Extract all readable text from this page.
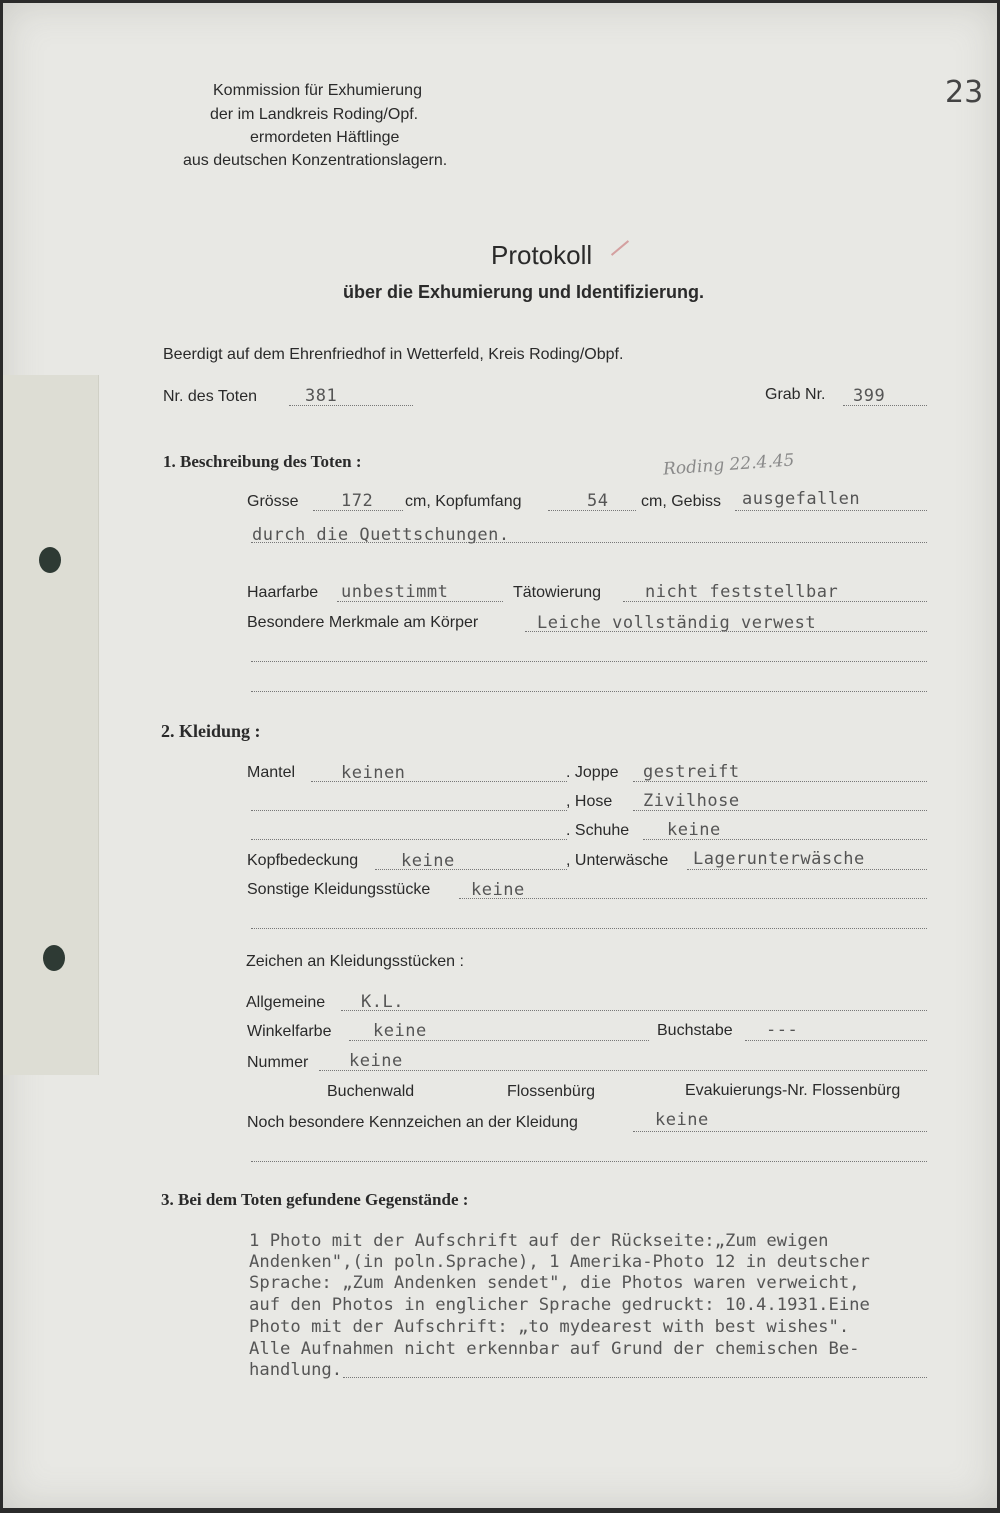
Kommission für Exhumierung
der im Landkreis Roding/Opf.
ermordeten Häftlinge
aus deutschen Konzentrationslagern.
23
Protokoll
über die Exhumierung und Identifizierung.
Beerdigt auf dem Ehrenfriedhof in Wetterfeld, Kreis Roding/Obpf.
Nr. des Toten	381	Grab Nr. 399
1. Beschreibung des Toten :	Roding 22.4.45
Grösse 172 cm, Kopfumfang	54 cm, Gebiss ausgefallen
durch die Quettschungen.
Haarfarbe unbestimmt	Tätowierung	nicht feststellbar
Besondere Merkmale am Körper	Leiche vollständig verwest
2. Kleidung :
Mantel	keinen	. Joppe gestreift
, Hose Zivilhose
. Schuhe keine
Kopfbedeckung	keine	, Unterwäsche Lagerunterwäsche
Sonstige Kleidungsstücke keine
Zeichen an Kleidungsstücken :
Allgemeine K.L.
Winkelfarbe keine	Buchstabe ---
Nummer keine
Buchenwald	Flossenbürg	Evakuierungs-Nr. Flossenbürg
Noch besondere Kennzeichen an der Kleidung	keine
3. Bei dem Toten gefundene Gegenstände :
1 Photo mit der Aufschrift auf der Rückseite:„Zum ewigen
Andenken",(in poln.Sprache), 1 Amerika-Photo 12 in deutscher
Sprache: „Zum Andenken sendet", die Photos waren verweicht,
auf den Photos in englicher Sprache gedruckt: 10.4.1931.Eine
Photo mit der Aufschrift: „to mydearest with best wishes".
Alle Aufnahmen nicht erkennbar auf Grund der chemischen Be-
handlung.
